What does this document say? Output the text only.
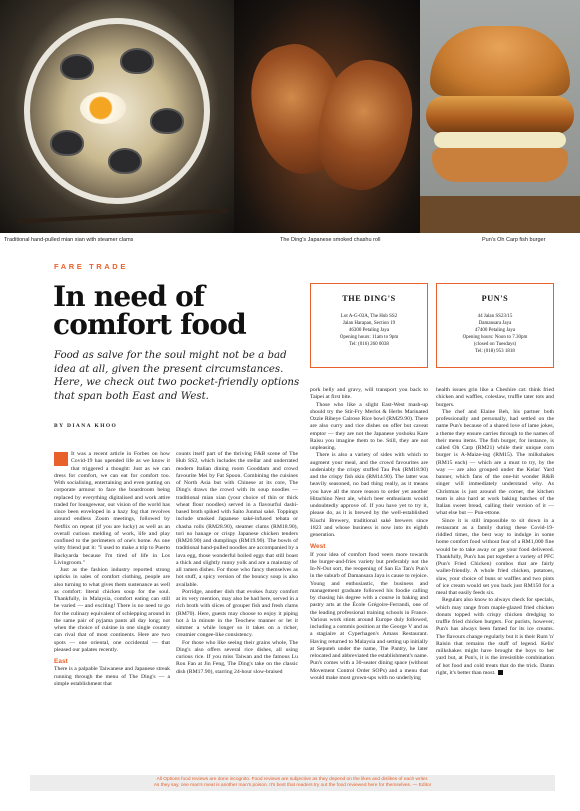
Traditional hand-pulled mian xian with steamer clams	The Ding's Japanese smoked chashu roll	Pun's Oh Carp fish burger
FARE TRADE
In need of comfort food
Food as salve for the soul might not be a bad idea at all, given the present circumstances. Here, we check out two pocket-friendly options that span both East and West.
BY DIANA KHOO
THE DING'S

Lot A-G-03A, The Hub SS2

Jalan Harapan, Section 19

46300 Petaling Jaya

Opening hours: 11am to 9pm

Tel: (016) 260 0038

PUN'S

44 Jalan SS23/15

Damansara Jaya

47400 Petaling Jaya

Opening hours: Noon to 7.30pm

(closed on Tuesdays)

Tel: (018) 953 1818

It was a recent article in Forbes on how Covid-19 has upended life as we know it that triggered a thought: Just as we can dress for comfort, we can eat for comfort too. With socialising, entertaining and even putting on corporate armour to face the boardroom being replaced by everything digitalised and work attire traded for loungewear, our vision of the world has since been enveloped in a hazy fog that revolves around endless Zoom meetings, followed by Netflix on repeat (if you are lucky) as well as an overall curious melding of work, life and play confined to the perimeters of one's home. As one witty friend put it: "I used to make a trip to Puerto Backyarda because I'm tired of life in Los Livingroom."

Just as the fashion industry reported strong upticks in sales of comfort clothing, people are also turning to what gives them sustenance as well as comfort: literal chicken soup for the soul. Thankfully, in Malaysia, comfort eating can still be varied — and exciting! There is no need to go for the culinary equivalent of schlepping around in the same pair of pyjama pants all day long; not when the choice of cuisine in one single country can rival that of most continents. Here are two spots — one oriental, one occidental — that pleased our palates recently.

East

There is a palpable Taiwanese and Japanese streak running through the menu of The Ding's — a simple establishment that

counts itself part of the thriving F&B scene of The Hub SS2, which includes the stellar and underrated modern Italian dining room Gooddam and crowd favourite Mei by Fat Spoon. Combining the cuisines of North Asia but with Chinese at its core, The Ding's draws the crowd with its soup noodles — traditional mian xian (your choice of thin or thick wheat flour noodles) served in a flavourful dashi-based broth spiked with Saito Junmai saké. Toppings include smoked Japanese saké-infused tebata or chasha rolls (RM28.90), steamer clams (RM18.90), tori no hanage or crispy Japanese chicken tenders (RM20.90) and dumplings (RM19.90). The bowls of traditional hand-pulled noodles are accompanied by a lava egg, those wonderful boiled eggs that still boast a thick and slightly runny yolk and are a mainstay of all ramen dishes. For those who fancy themselves as hot stuff, a spicy version of the bouncy soup is also available.

Porridge, another dish that evokes fuzzy comfort at its very mention, may also be had here, served in a rich broth with slices of grouper fish and fresh clams (RM70). Here, guests may choose to enjoy it piping hot à la minute in the Teochew manner or let it simmer a while longer so it takes on a richer, creamier congee-like consistency.

For those who like seeing their grains whole, The Ding's also offers several rice dishes, all using curious rice. If you miss Taiwan and the famous Lu Rou Fan at Jin Feng, The Ding's take on the classic dish (RM17.90), starring 24-hour slow-braised

pork belly and gravy, will transport you back to Taipei at first bite.

Those who like a slight East-West mash-up should try the Stir-Fry Merlot & Herbs Marinated Ozzie Ribeye Calrose Rice bowl (RM29.90). There are also curry and rice dishes on offer but caveat emptor — they are not the Japanese yoshoku Kare Raisu you imagine them to be. Still, they are not unpleasing.

There is also a variety of sides with which to augment your meal, and the crowd favourites are undeniably the crispy stuffed Tau Pok (RM18.90) and the crispy fish skin (RM14.90). The latter was heavily seasoned, no bad thing really, as it means you have all the more reason to order yet another Hitachino Nest ale, which beer enthusiasts would undoubtedly approve of. If you have yet to try it, please do, as it is brewed by the well-established Kiuchi Brewery, traditional saké brewers since 1823 and whose business is now into its eighth generation.

West

If your idea of comfort food veers more towards the burger-and-fries variety but preferably not the In-N-Out sort, the reopening of San Ea Tan's Pun's in the suburb of Damansara Jaya is cause to rejoice. Young and enthusiastic, the business and management graduate followed his foodie calling by chasing his degree with a course in baking and pastry arts at the École Grégoire-Ferrandi, one of the leading professional training schools in France. Various work stints around Europe duly followed, including a commis position at the George V and as a stagiaire at Cyperhagen's Amass Restaurant. Having returned to Malaysia and setting up initially at Seputeh under the name, The Pantry, he later relocated and abbreviated the establishment's name. Pun's comes with a 30-seater dining space (without Movement Control Order SOPs) and a menu that would make most grown-ups with no underlying

health issues grin like a Cheshire cat: think fried chicken and waffles, coleslaw, truffle tater tots and burgers.

The chef and Elaine Beh, his partner both professionally and personally, had settled on the name Pun's because of a shared love of lame jokes, a theme they ensure carries through to the names of their menu items. The fish burger, for instance, is called Oh Carp (RM21) while their unique corn burger is A-Maize-ing (RM15). The milkshakes (RM15 each) — which are a must to try, by the way — are also grouped under the Kelas' Yard banner, which fans of the one-hit wonder R&B singer will immediately understand why. As Christmas is just around the corner, the kitchen team is also hard at work baking batches of the Italian sweet bread, calling their version of it — what else but — Pun-ettone.

Since it is still impossible to sit down in a restaurant as a family during these Covid-19-riddled times, the best way to indulge in some home comfort food without fear of a RM1,000 fine would be to take away or get your food delivered. Thankfully, Pun's has put together a variety of PFC (Pun's Fried Chicken) combos that are fairly wallet-friendly. A whole fried chicken, potatoes, slaw, your choice of buns or waffles and two pints of ice cream would set you back just RM150 for a meal that easily feeds six.

Regulars also know to always check for specials, which may range from maple-glazed fried chicken donuts topped with crispy chicken dredging to truffle fried chicken burgers. For purists, however, Pun's has always been famed for its ice creams. The flavours change regularly but it is their Rum 'n' Raisin that remains the stuff of legend. Kelis' milkshakes might have brought the boys to her yard but, at Pun's, it is the irresistible combination of hot food and cold treats that do the trick. Damn right, it's better than most.

All Options food reviews are done incognito. Food reviews are subjective as they depend on the likes and dislikes of each writer.
As they say, one man's meat is another man's poison. It's best that readers try out the food reviewed here for themselves. — Editor
